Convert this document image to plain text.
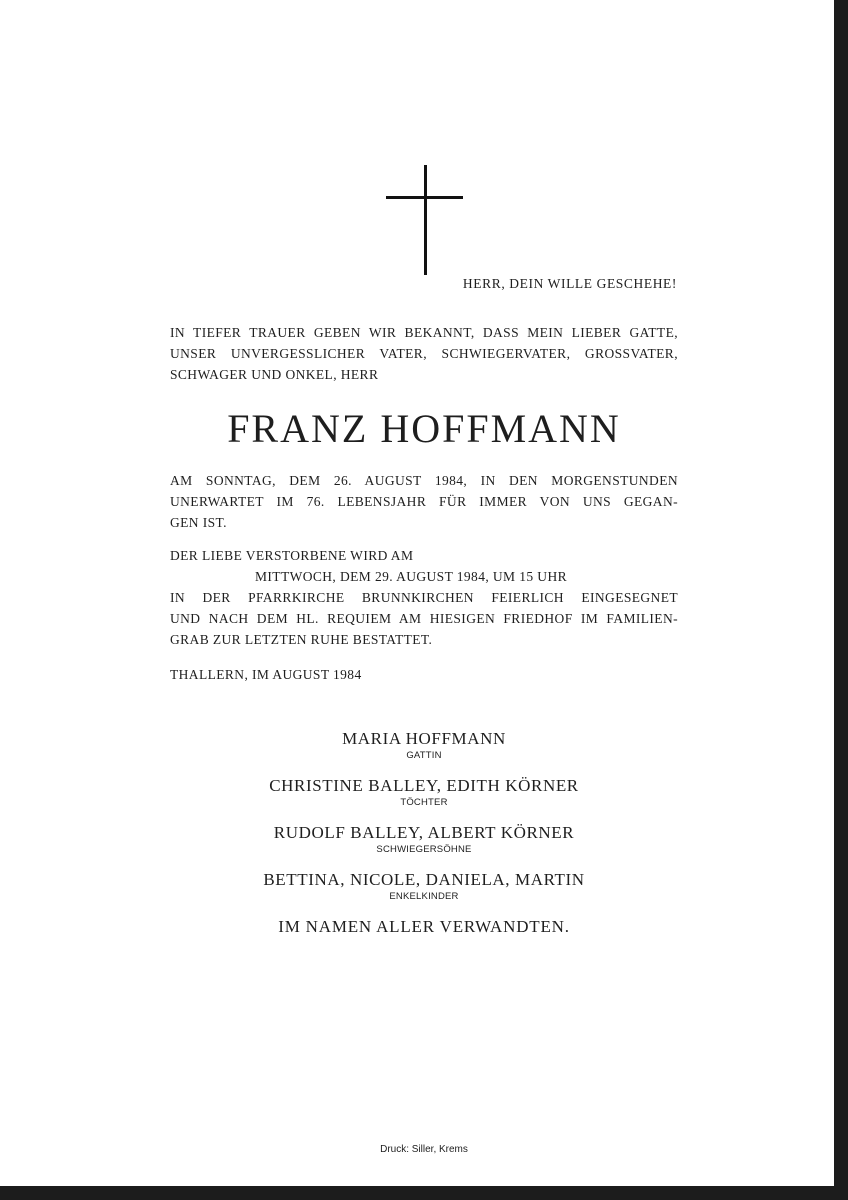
HERR, DEIN WILLE GESCHEHE!
IN TIEFER TRAUER GEBEN WIR BEKANNT, DASS MEIN LIEBER GATTE,
UNSER UNVERGESSLICHER VATER, SCHWIEGERVATER, GROSSVATER,
SCHWAGER UND ONKEL, HERR
FRANZ HOFFMANN
AM SONNTAG, DEM 26. AUGUST 1984, IN DEN MORGENSTUNDEN
UNERWARTET IM 76. LEBENSJAHR FÜR IMMER VON UNS GEGAN-
GEN IST.
DER LIEBE VERSTORBENE WIRD AM
MITTWOCH, DEM 29. AUGUST 1984, UM 15 UHR
IN DER PFARRKIRCHE BRUNNKIRCHEN FEIERLICH EINGESEGNET
UND NACH DEM HL. REQUIEM AM HIESIGEN FRIEDHOF IM FAMILIEN-
GRAB ZUR LETZTEN RUHE BESTATTET.
THALLERN, IM AUGUST 1984
MARIA HOFFMANN
GATTIN
CHRISTINE BALLEY, EDITH KÖRNER
TÖCHTER
RUDOLF BALLEY, ALBERT KÖRNER
SCHWIEGERSÖHNE
BETTINA, NICOLE, DANIELA, MARTIN
ENKELKINDER
IM NAMEN ALLER VERWANDTEN.
Druck: Siller, Krems
